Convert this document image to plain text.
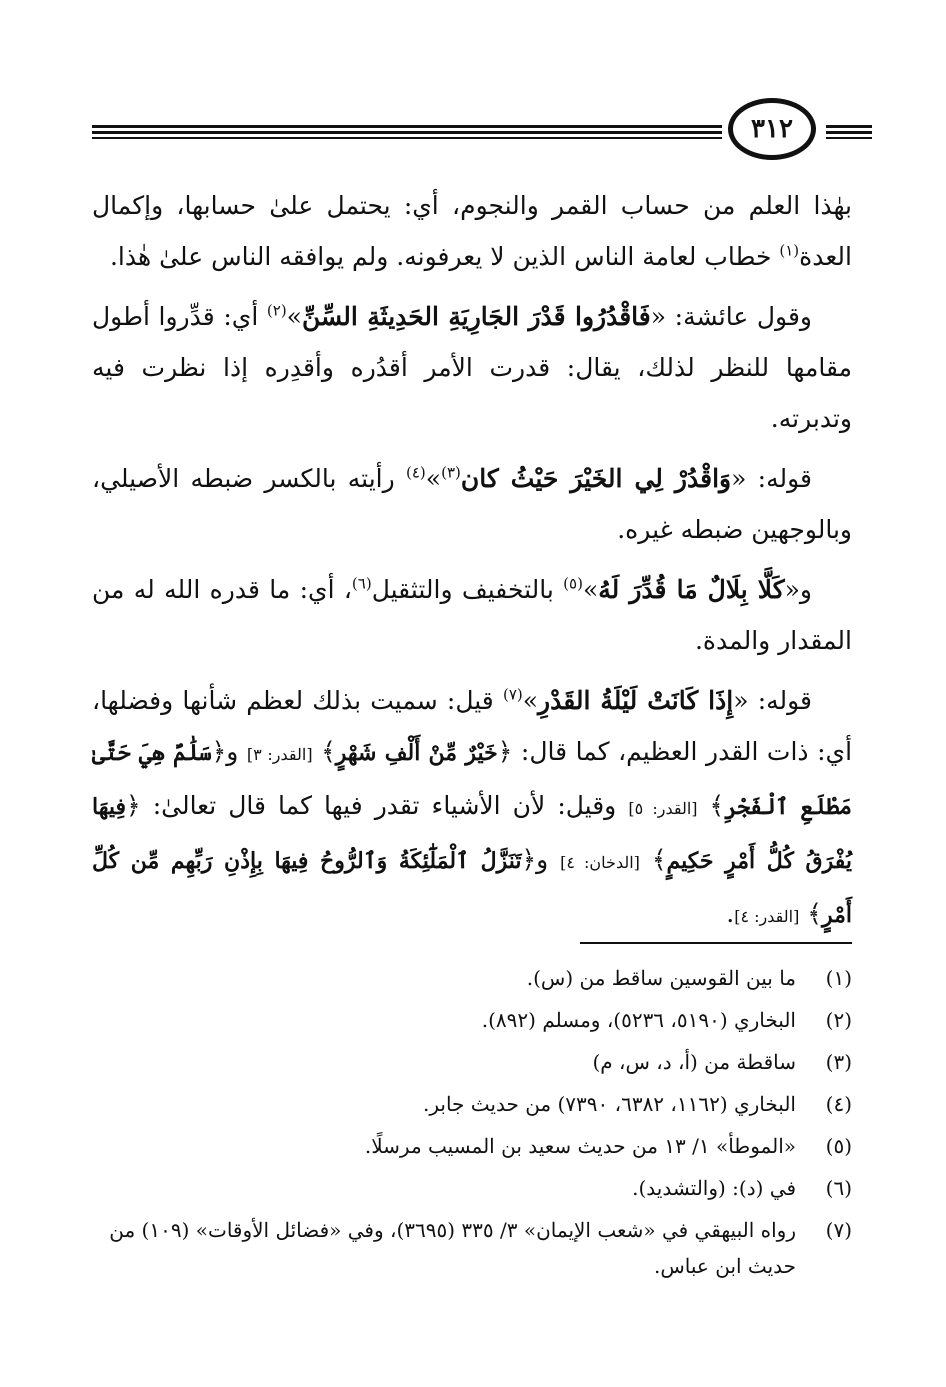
٣١٢

بهٰذا العلم من حساب القمر والنجوم، أي: يحتمل علىٰ حسابها، وإكمال العدة$^{(١)}$ خطاب لعامة الناس الذين لا يعرفونه. ولم يوافقه الناس علىٰ هٰذا.

وقول عائشة: «فَاقْدُرُوا قَدْرَ الجَارِيَةِ الحَدِيثَةِ السِّنِّ»$^{(٢)}$ أي: قدِّروا أطول مقامها للنظر لذلك، يقال: قدرت الأمر أقدُره وأقدِره إذا نظرت فيه وتدبرته.

قوله: «وَاقْدُرْ لِي الخَيْرَ حَيْثُ كان$^{(٣)}$»$^{(٤)}$ رأيته بالكسر ضبطه الأصيلي، وبالوجهين ضبطه غيره.

و«كَلَّا بِلَالٌ مَا قُدِّرَ لَهُ»$^{(٥)}$ بالتخفيف والتثقيل$^{(٦)}$، أي: ما قدره الله له من المقدار والمدة.

قوله: «إِذَا كَانَتْ لَيْلَةُ القَدْرِ»$^{(٧)}$ قيل: سميت بذلك لعظم شأنها وفضلها، أي: ذات القدر العظيم، كما قال: ﴿خَيْرٌ مِّنْ أَلْفِ شَهْرٍ﴾ [القدر: ٣] و﴿سَلَٰمٌ هِيَ حَتَّىٰ مَطْلَعِ ٱلْفَجْرِ﴾ [القدر: ٥] وقيل: لأن الأشياء تقدر فيها كما قال تعالىٰ: ﴿فِيهَا يُفْرَقُ كُلُّ أَمْرٍ حَكِيمٍ﴾ [الدخان: ٤] و﴿تَنَزَّلُ ٱلْمَلَٰٓئِكَةُ وَٱلرُّوحُ فِيهَا بِإِذْنِ رَبِّهِم مِّن كُلِّ أَمْرٍ﴾ [القدر: ٤].

(١)
ما بين القوسين ساقط من (س).
(٢)
البخاري (٥١٩٠، ٥٢٣٦)، ومسلم (٨٩٢).
(٣)
ساقطة من (أ، د، س، م)
(٤)
البخاري (١١٦٢، ٦٣٨٢، ٧٣٩٠) من حديث جابر.
(٥)
«الموطأ» ١/ ١٣ من حديث سعيد بن المسيب مرسلًا.
(٦)
في (د): (والتشديد).
(٧)
رواه البيهقي في «شعب الإيمان» ٣/ ٣٣٥ (٣٦٩٥)، وفي «فضائل الأوقات» (١٠٩) من حديث ابن عباس.
